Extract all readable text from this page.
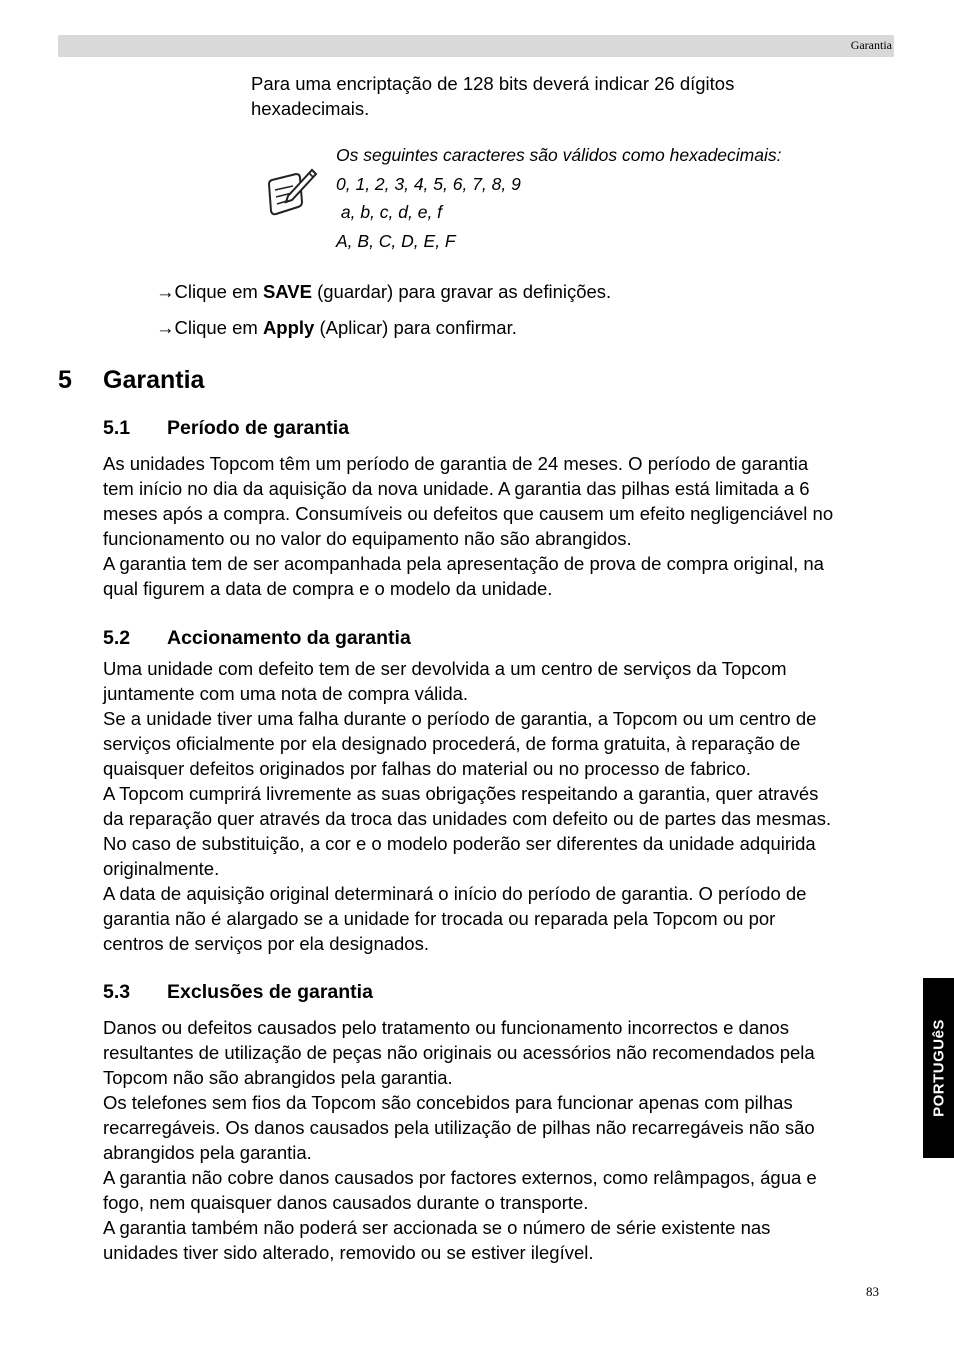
Garantia
Para uma encriptação de 128 bits deverá indicar 26 dígitos
hexadecimais.
Os seguintes caracteres são válidos como hexadecimais:
0, 1, 2, 3, 4, 5, 6, 7, 8, 9
a, b, c, d, e, f
A, B, C, D, E, F
→Clique em SAVE (guardar) para gravar as definições.
→Clique em Apply (Aplicar) para confirmar.
5 Garantia
5.1 Período de garantia
As unidades Topcom têm um período de garantia de 24 meses. O período de garantia
tem início no dia da aquisição da nova unidade. A garantia das pilhas está limitada a 6
meses após a compra. Consumíveis ou defeitos que causem um efeito negligenciável no
funcionamento ou no valor do equipamento não são abrangidos.
A garantia tem de ser acompanhada pela apresentação de prova de compra original, na
qual figurem a data de compra e o modelo da unidade.
5.2 Accionamento da garantia
Uma unidade com defeito tem de ser devolvida a um centro de serviços da Topcom
juntamente com uma nota de compra válida.
Se a unidade tiver uma falha durante o período de garantia, a Topcom ou um centro de
serviços oficialmente por ela designado procederá, de forma gratuita, à reparação de
quaisquer defeitos originados por falhas do material ou no processo de fabrico.
A Topcom cumprirá livremente as suas obrigações respeitando a garantia, quer através
da reparação quer através da troca das unidades com defeito ou de partes das mesmas.
No caso de substituição, a cor e o modelo poderão ser diferentes da unidade adquirida
originalmente.
A data de aquisição original determinará o início do período de garantia. O período de
garantia não é alargado se a unidade for trocada ou reparada pela Topcom ou por
centros de serviços por ela designados.
5.3 Exclusões de garantia
Danos ou defeitos causados pelo tratamento ou funcionamento incorrectos e danos
resultantes de utilização de peças não originais ou acessórios não recomendados pela
Topcom não são abrangidos pela garantia.
Os telefones sem fios da Topcom são concebidos para funcionar apenas com pilhas
recarregáveis. Os danos causados pela utilização de pilhas não recarregáveis não são
abrangidos pela garantia.
A garantia não cobre danos causados por factores externos, como relâmpagos, água e
fogo, nem quaisquer danos causados durante o transporte.
A garantia também não poderá ser accionada se o número de série existente nas
unidades tiver sido alterado, removido ou se estiver ilegível.
PORTUGUêS
83
